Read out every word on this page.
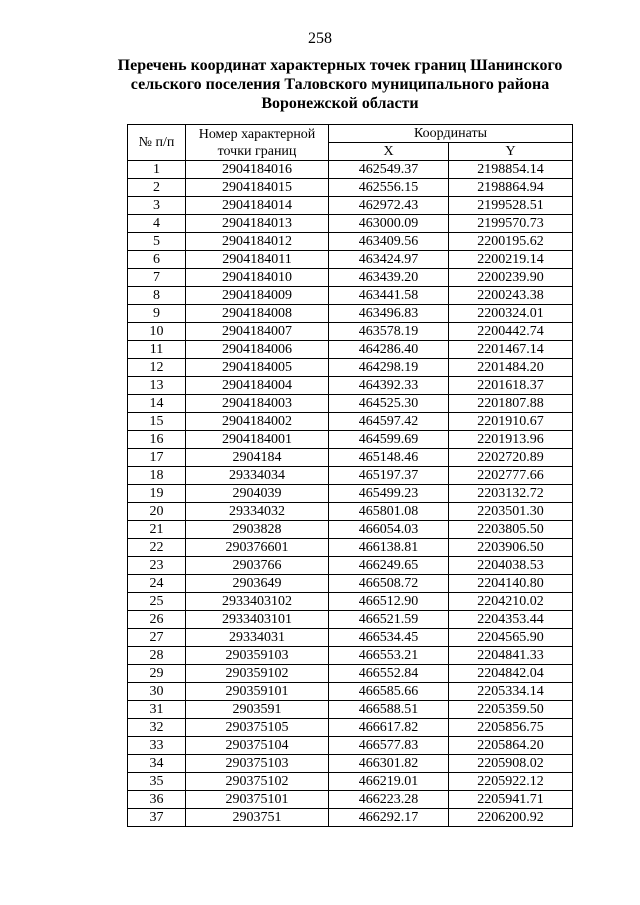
258
Перечень координат характерных точек границ Шанинского
сельского поселения Таловского муниципального района
Воронежской области
№ п/п	Номер характерной точки границ	Координаты	
		X	Y
1	2904184016	462549.37	2198854.14
2	2904184015	462556.15	2198864.94
3	2904184014	462972.43	2199528.51
4	2904184013	463000.09	2199570.73
5	2904184012	463409.56	2200195.62
6	2904184011	463424.97	2200219.14
7	2904184010	463439.20	2200239.90
8	2904184009	463441.58	2200243.38
9	2904184008	463496.83	2200324.01
10	2904184007	463578.19	2200442.74
11	2904184006	464286.40	2201467.14
12	2904184005	464298.19	2201484.20
13	2904184004	464392.33	2201618.37
14	2904184003	464525.30	2201807.88
15	2904184002	464597.42	2201910.67
16	2904184001	464599.69	2201913.96
17	2904184	465148.46	2202720.89
18	29334034	465197.37	2202777.66
19	2904039	465499.23	2203132.72
20	29334032	465801.08	2203501.30
21	2903828	466054.03	2203805.50
22	290376601	466138.81	2203906.50
23	2903766	466249.65	2204038.53
24	2903649	466508.72	2204140.80
25	2933403102	466512.90	2204210.02
26	2933403101	466521.59	2204353.44
27	29334031	466534.45	2204565.90
28	290359103	466553.21	2204841.33
29	290359102	466552.84	2204842.04
30	290359101	466585.66	2205334.14
31	2903591	466588.51	2205359.50
32	290375105	466617.82	2205856.75
33	290375104	466577.83	2205864.20
34	290375103	466301.82	2205908.02
35	290375102	466219.01	2205922.12
36	290375101	466223.28	2205941.71
37	2903751	466292.17	2206200.92
